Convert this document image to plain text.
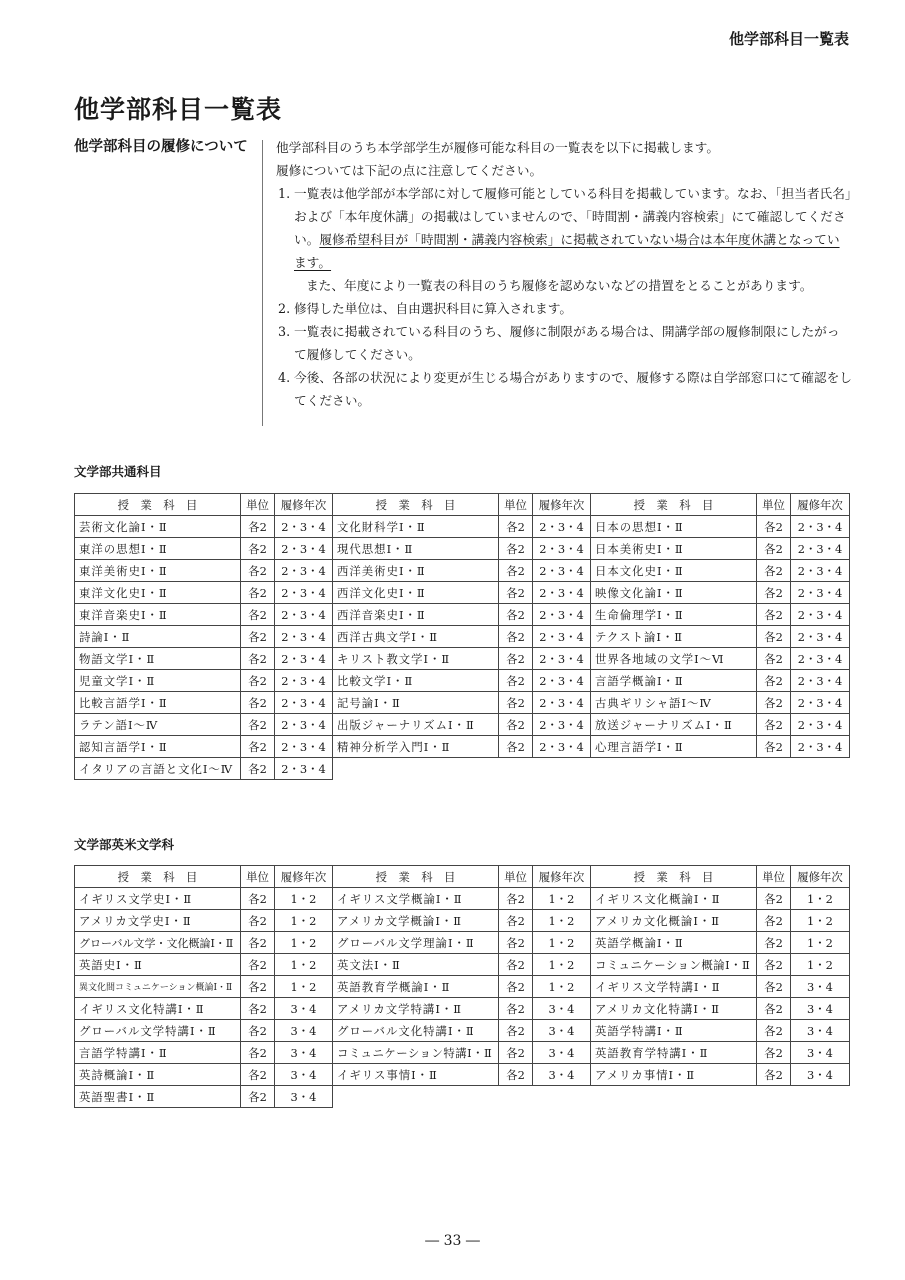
他学部科目一覧表
他学部科目一覧表
他学部科目の履修について	他学部科目のうち本学部学生が履修可能な科目の一覧表を以下に掲載します。

履修については下記の点に注意してください。

1. 一覧表は他学部が本学部に対して履修可能としている科目を掲載しています。なお、「担当者氏名」および「本年度休講」の掲載はしていませんので、「時間割・講義内容検索」にて確認してください。履修希望科目が「時間割・講義内容検索」に掲載されていない場合は本年度休講となっています。
また、年度により一覧表の科目のうち履修を認めないなどの措置をとることがあります。
2. 修得した単位は、自由選択科目に算入されます。
3. 一覧表に掲載されている科目のうち、履修に制限がある場合は、開講学部の履修制限にしたがって履修してください。
4. 今後、各部の状況により変更が生じる場合がありますので、履修する際は自学部窓口にて確認をしてください。
文学部共通科目
授　業　科　目	単位	履修年次	授　業　科　目	単位	履修年次	授　業　科　目	単位	履修年次
芸術文化論Ⅰ・Ⅱ	各2	2・3・4	文化財科学Ⅰ・Ⅱ	各2	2・3・4	日本の思想Ⅰ・Ⅱ	各2	2・3・4
東洋の思想Ⅰ・Ⅱ	各2	2・3・4	現代思想Ⅰ・Ⅱ	各2	2・3・4	日本美術史Ⅰ・Ⅱ	各2	2・3・4
東洋美術史Ⅰ・Ⅱ	各2	2・3・4	西洋美術史Ⅰ・Ⅱ	各2	2・3・4	日本文化史Ⅰ・Ⅱ	各2	2・3・4
東洋文化史Ⅰ・Ⅱ	各2	2・3・4	西洋文化史Ⅰ・Ⅱ	各2	2・3・4	映像文化論Ⅰ・Ⅱ	各2	2・3・4
東洋音楽史Ⅰ・Ⅱ	各2	2・3・4	西洋音楽史Ⅰ・Ⅱ	各2	2・3・4	生命倫理学Ⅰ・Ⅱ	各2	2・3・4
詩論Ⅰ・Ⅱ	各2	2・3・4	西洋古典文学Ⅰ・Ⅱ	各2	2・3・4	テクスト論Ⅰ・Ⅱ	各2	2・3・4
物語文学Ⅰ・Ⅱ	各2	2・3・4	キリスト教文学Ⅰ・Ⅱ	各2	2・3・4	世界各地域の文学Ⅰ～Ⅵ	各2	2・3・4
児童文学Ⅰ・Ⅱ	各2	2・3・4	比較文学Ⅰ・Ⅱ	各2	2・3・4	言語学概論Ⅰ・Ⅱ	各2	2・3・4
比較言語学Ⅰ・Ⅱ	各2	2・3・4	記号論Ⅰ・Ⅱ	各2	2・3・4	古典ギリシャ語Ⅰ～Ⅳ	各2	2・3・4
ラテン語Ⅰ～Ⅳ	各2	2・3・4	出版ジャーナリズムⅠ・Ⅱ	各2	2・3・4	放送ジャーナリズムⅠ・Ⅱ	各2	2・3・4
認知言語学Ⅰ・Ⅱ	各2	2・3・4	精神分析学入門Ⅰ・Ⅱ	各2	2・3・4	心理言語学Ⅰ・Ⅱ	各2	2・3・4
イタリアの言語と文化Ⅰ～Ⅳ	各2	2・3・4						
文学部英米文学科
授　業　科　目	単位	履修年次	授　業　科　目	単位	履修年次	授　業　科　目	単位	履修年次
イギリス文学史Ⅰ・Ⅱ	各2	1・2	イギリス文学概論Ⅰ・Ⅱ	各2	1・2	イギリス文化概論Ⅰ・Ⅱ	各2	1・2
アメリカ文学史Ⅰ・Ⅱ	各2	1・2	アメリカ文学概論Ⅰ・Ⅱ	各2	1・2	アメリカ文化概論Ⅰ・Ⅱ	各2	1・2
グローバル文学・文化概論Ⅰ・Ⅱ	各2	1・2	グローバル文学理論Ⅰ・Ⅱ	各2	1・2	英語学概論Ⅰ・Ⅱ	各2	1・2
英語史Ⅰ・Ⅱ	各2	1・2	英文法Ⅰ・Ⅱ	各2	1・2	コミュニケーション概論Ⅰ・Ⅱ	各2	1・2
異文化間コミュニケーション概論Ⅰ・Ⅱ	各2	1・2	英語教育学概論Ⅰ・Ⅱ	各2	1・2	イギリス文学特講Ⅰ・Ⅱ	各2	3・4
イギリス文化特講Ⅰ・Ⅱ	各2	3・4	アメリカ文学特講Ⅰ・Ⅱ	各2	3・4	アメリカ文化特講Ⅰ・Ⅱ	各2	3・4
グローバル文学特講Ⅰ・Ⅱ	各2	3・4	グローバル文化特講Ⅰ・Ⅱ	各2	3・4	英語学特講Ⅰ・Ⅱ	各2	3・4
言語学特講Ⅰ・Ⅱ	各2	3・4	コミュニケーション特講Ⅰ・Ⅱ	各2	3・4	英語教育学特講Ⅰ・Ⅱ	各2	3・4
英詩概論Ⅰ・Ⅱ	各2	3・4	イギリス事情Ⅰ・Ⅱ	各2	3・4	アメリカ事情Ⅰ・Ⅱ	各2	3・4
英語聖書Ⅰ・Ⅱ	各2	3・4						
― 33 ―
